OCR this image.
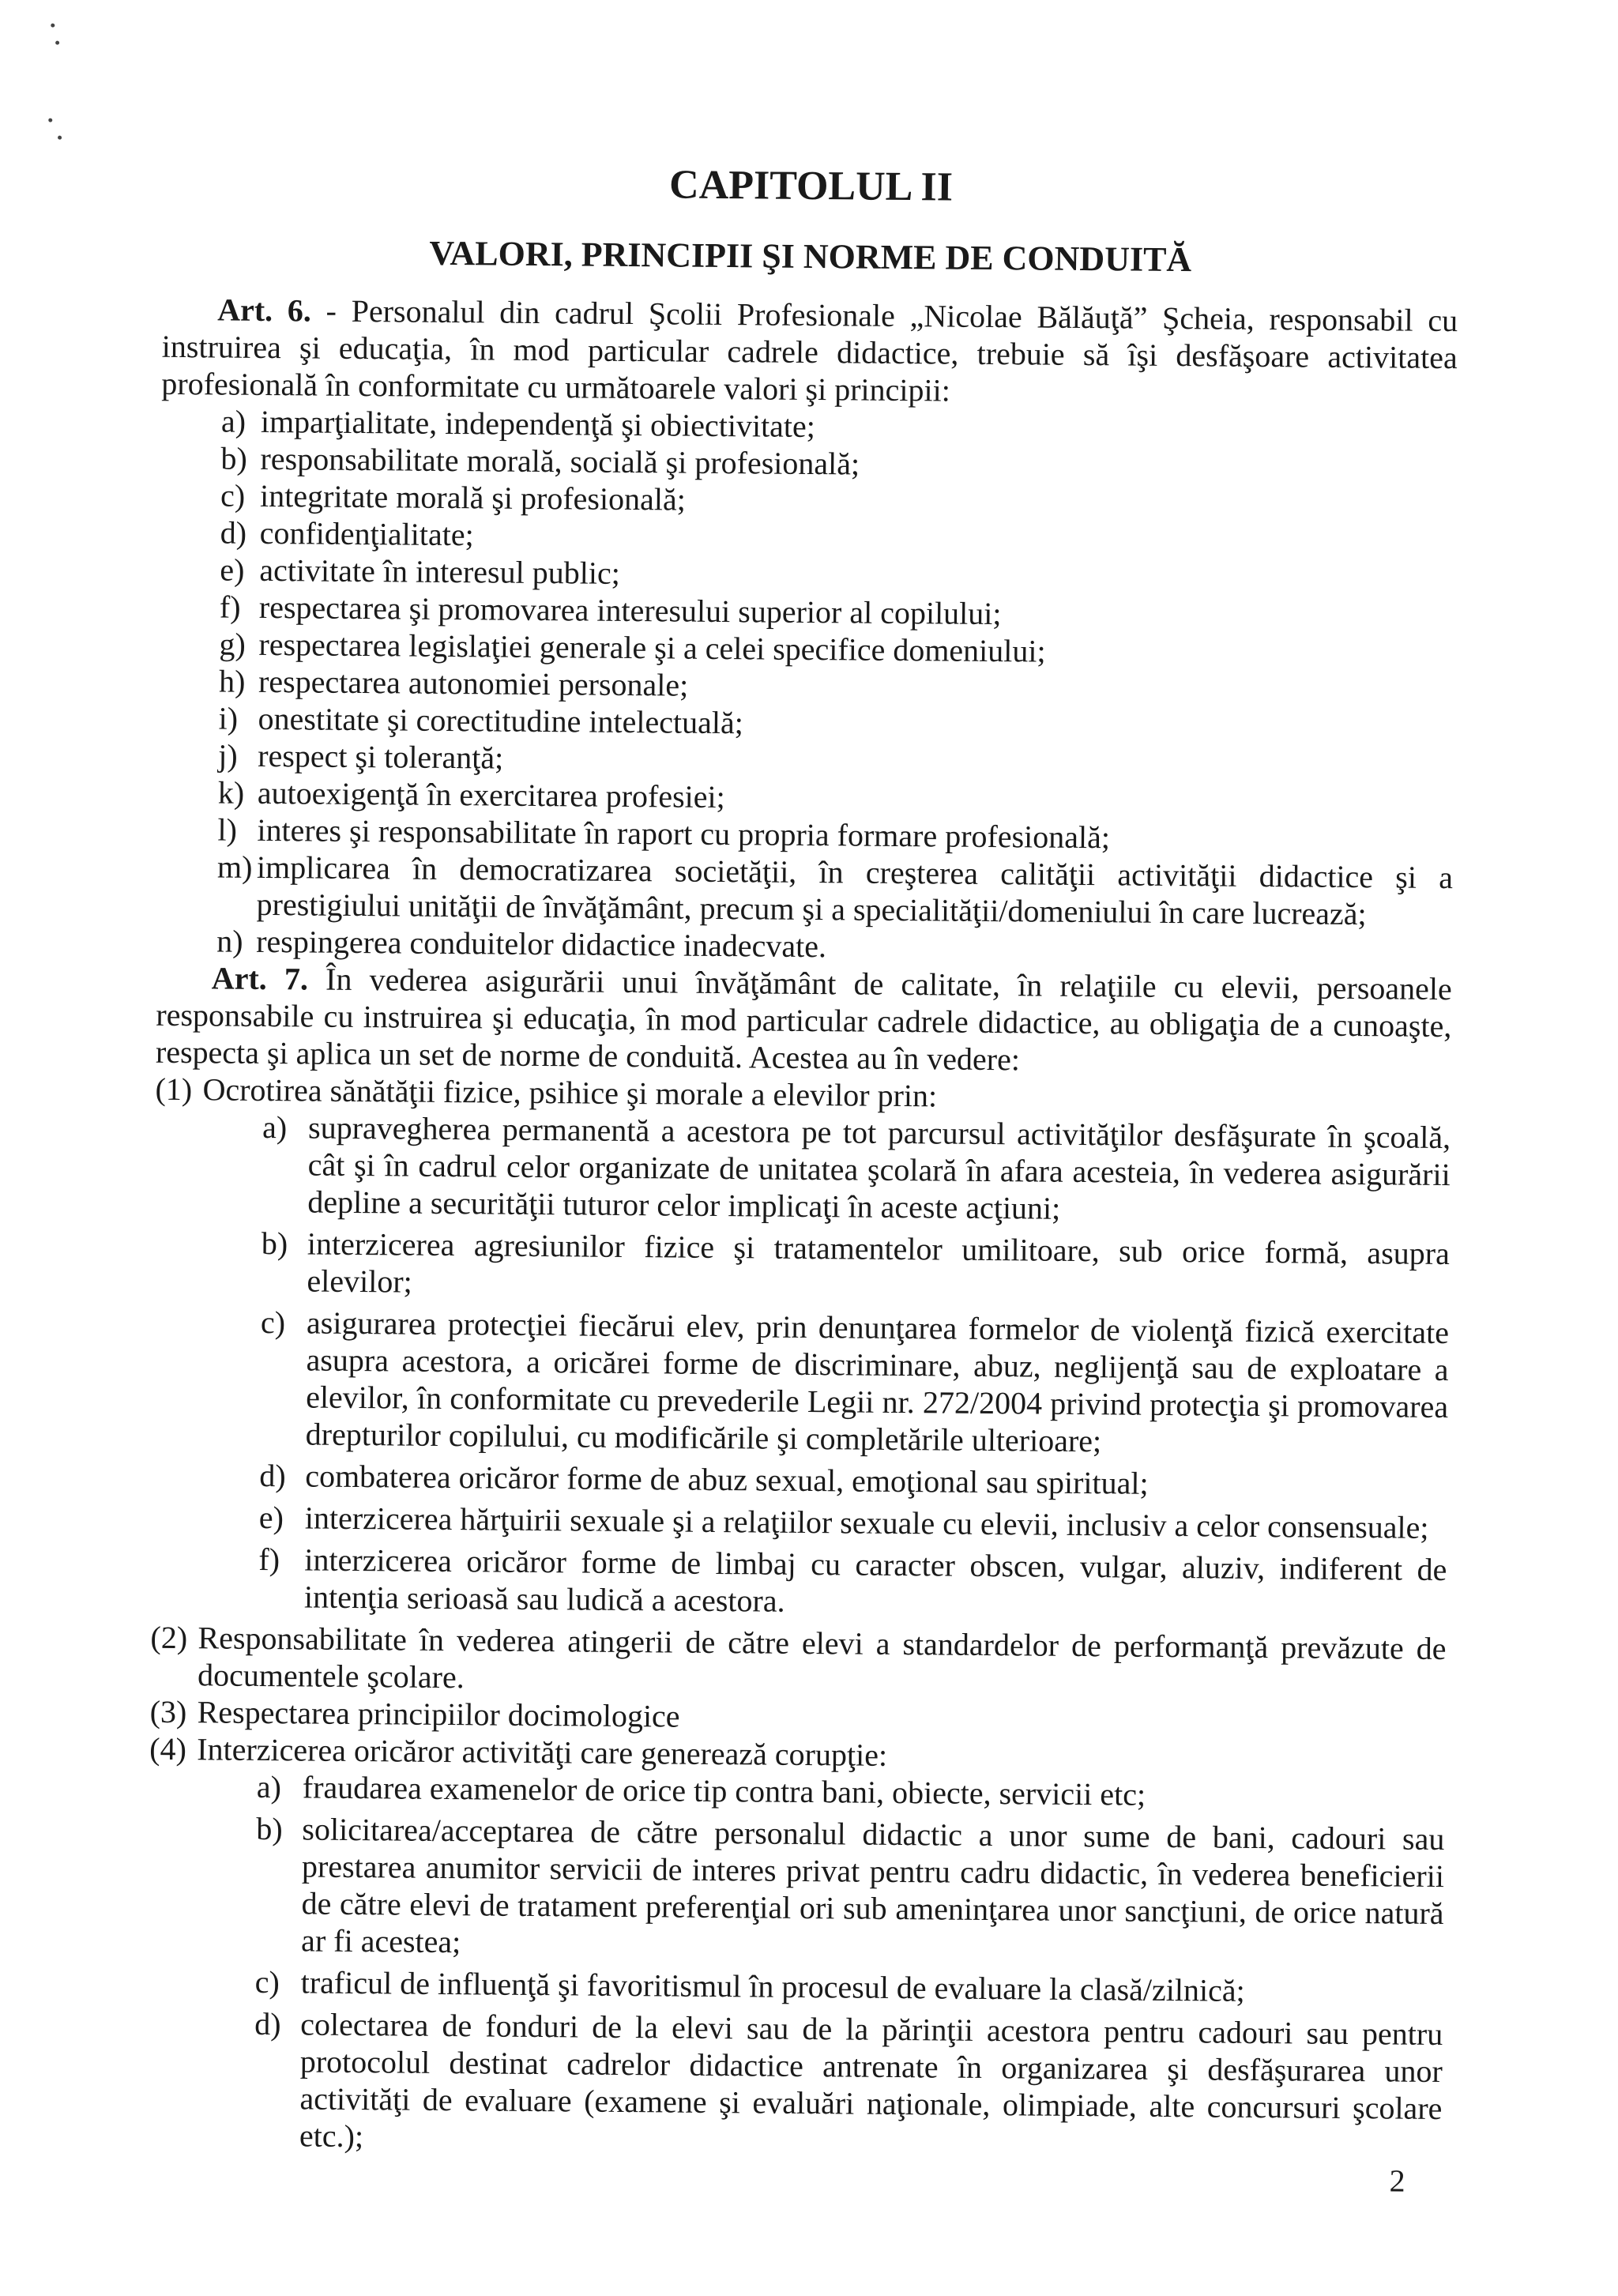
CAPITOLUL II
VALORI, PRINCIPII ŞI NORME DE CONDUITĂ

Art. 6. - Personalul din cadrul Şcolii Profesionale „Nicolae Bălăuţă” Şcheia, responsabil cu instruirea şi educaţia, în mod particular cadrele didactice, trebuie să îşi desfăşoare activitatea profesională în conformitate cu următoarele valori şi principii:

a) imparţialitate, independenţă şi obiectivitate;

b) responsabilitate morală, socială şi profesională;

c) integritate morală şi profesională;

d) confidenţialitate;

e) activitate în interesul public;

f) respectarea şi promovarea interesului superior al copilului;

g) respectarea legislaţiei generale şi a celei specifice domeniului;

h) respectarea autonomiei personale;

i) onestitate şi corectitudine intelectuală;

j) respect şi toleranţă;

k) autoexigenţă în exercitarea profesiei;

l) interes şi responsabilitate în raport cu propria formare profesională;

m) implicarea în democratizarea societăţii, în creşterea calităţii activităţii didactice şi a prestigiului unităţii de învăţământ, precum şi a specialităţii/domeniului în care lucrează;

n) respingerea conduitelor didactice inadecvate.

Art. 7. În vederea asigurării unui învăţământ de calitate, în relaţiile cu elevii, persoanele responsabile cu instruirea şi educaţia, în mod particular cadrele didactice, au obligaţia de a cunoaşte, respecta şi aplica un set de norme de conduită. Acestea au în vedere:

(1) Ocrotirea sănătăţii fizice, psihice şi morale a elevilor prin:

a) supravegherea permanentă a acestora pe tot parcursul activităţilor desfăşurate în şcoală, cât şi în cadrul celor organizate de unitatea şcolară în afara acesteia, în vederea asigurării depline a securităţii tuturor celor implicaţi în aceste acţiuni;

b) interzicerea agresiunilor fizice şi tratamentelor umilitoare, sub orice formă, asupra elevilor;

c) asigurarea protecţiei fiecărui elev, prin denunţarea formelor de violenţă fizică exercitate asupra acestora, a oricărei forme de discriminare, abuz, neglijenţă sau de exploatare a elevilor, în conformitate cu prevederile Legii nr. 272/2004 privind protecţia şi promovarea drepturilor copilului, cu modificările şi completările ulterioare;

d) combaterea oricăror forme de abuz sexual, emoţional sau spiritual;

e) interzicerea hărţuirii sexuale şi a relaţiilor sexuale cu elevii, inclusiv a celor consensuale;

f) interzicerea oricăror forme de limbaj cu caracter obscen, vulgar, aluziv, indiferent de intenţia serioasă sau ludică a acestora.

(2) Responsabilitate în vederea atingerii de către elevi a standardelor de performanţă prevăzute de documentele şcolare.

(3) Respectarea principiilor docimologice

(4) Interzicerea oricăror activităţi care generează corupţie:

a) fraudarea examenelor de orice tip contra bani, obiecte, servicii etc;

b) solicitarea/acceptarea de către personalul didactic a unor sume de bani, cadouri sau prestarea anumitor servicii de interes privat pentru cadru didactic, în vederea beneficierii de către elevi de tratament preferenţial ori sub ameninţarea unor sancţiuni, de orice natură ar fi acestea;

c) traficul de influenţă şi favoritismul în procesul de evaluare la clasă/zilnică;

d) colectarea de fonduri de la elevi sau de la părinţii acestora pentru cadouri sau pentru protocolul destinat cadrelor didactice antrenate în organizarea şi desfăşurarea unor activităţi de evaluare (examene şi evaluări naţionale, olimpiade, alte concursuri şcolare etc.);

2
